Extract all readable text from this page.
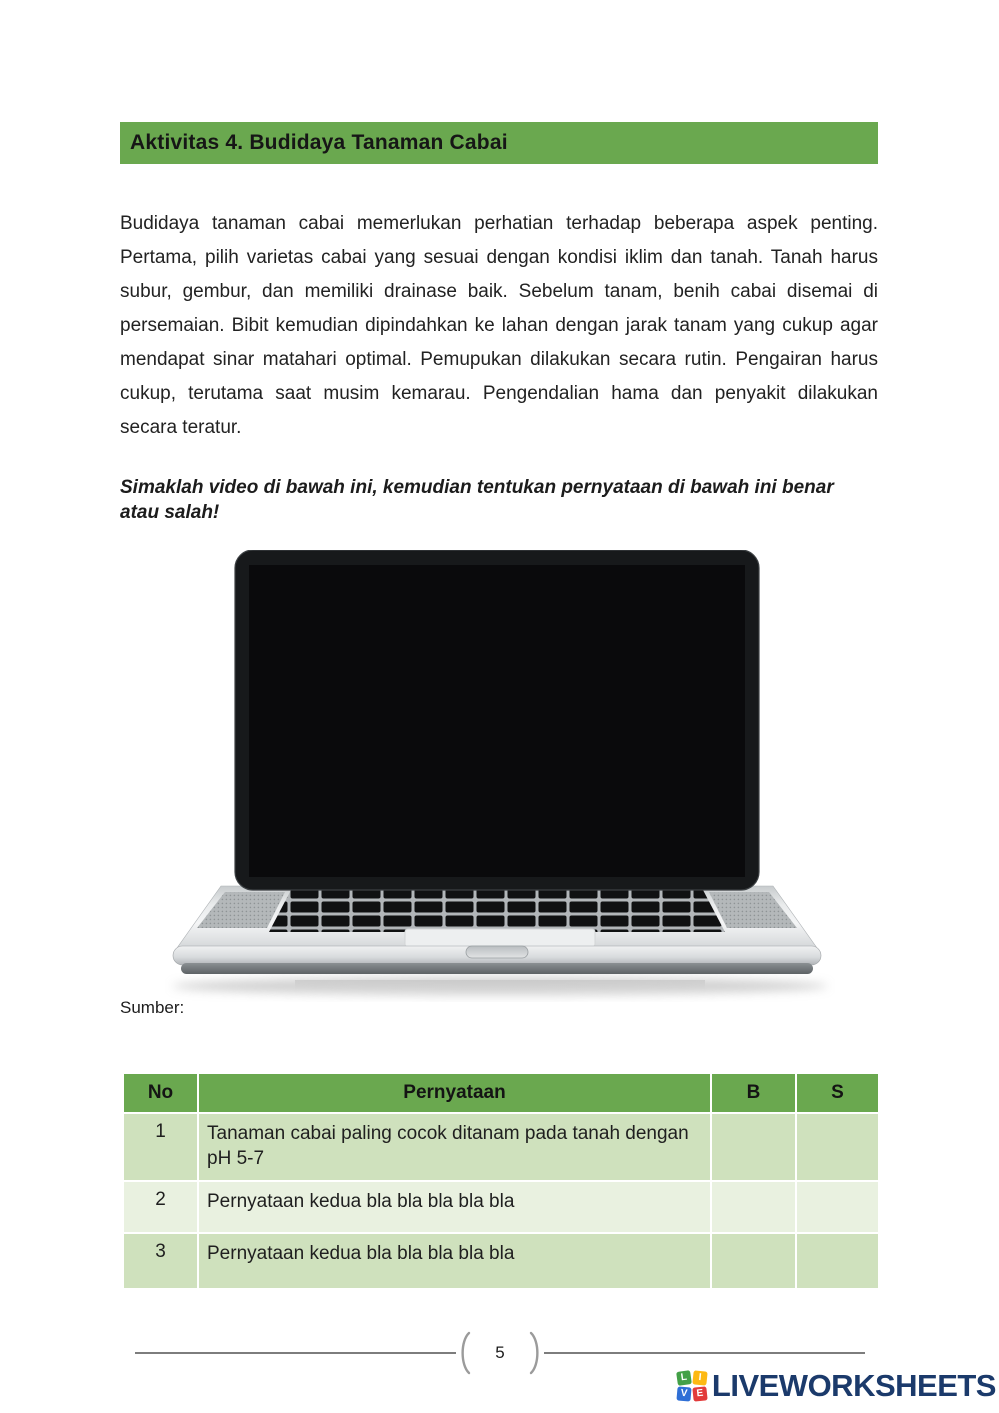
Aktivitas 4. Budidaya Tanaman Cabai

Budidaya tanaman cabai memerlukan perhatian terhadap beberapa aspek penting. Pertama, pilih varietas cabai yang sesuai dengan kondisi iklim dan tanah. Tanah harus subur, gembur, dan memiliki drainase baik. Sebelum tanam, benih cabai disemai di persemaian. Bibit kemudian dipindahkan ke lahan dengan jarak tanam yang cukup agar mendapat sinar matahari optimal. Pemupukan dilakukan secara rutin. Pengairan harus cukup, terutama saat musim kemarau. Pengendalian hama dan penyakit dilakukan secara teratur.

Simaklah video di bawah ini, kemudian tentukan pernyataan di bawah ini benar atau salah!

Sumber:
No	Pernyataan	B	S
1	Tanaman cabai paling cocok ditanam pada tanah dengan pH 5-7		
2	Pernyataan kedua bla bla bla bla bla		
3	Pernyataan kedua bla bla bla bla bla		
5
L	I
V E LIVEWORKSHEETS
